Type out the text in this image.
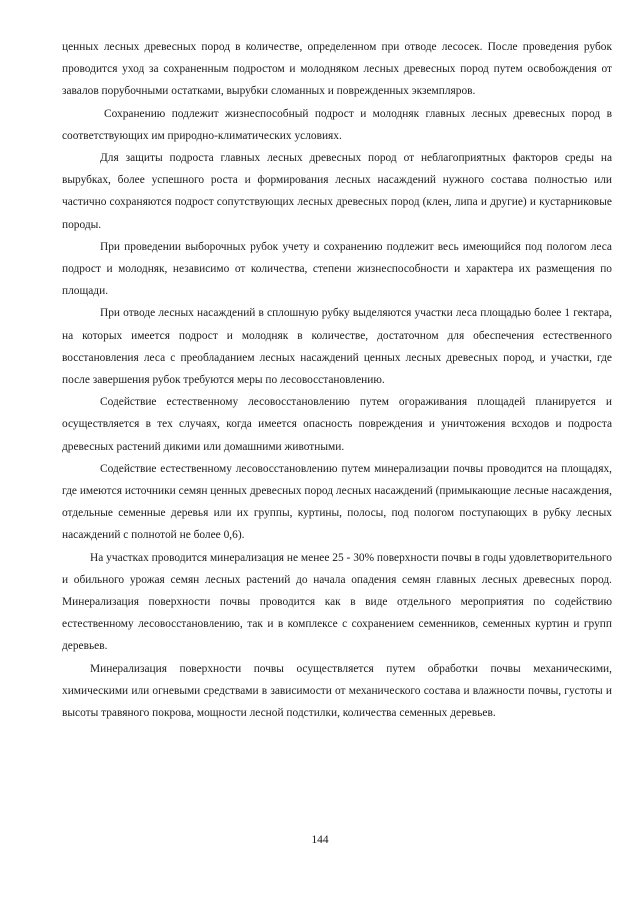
ценных лесных древесных пород в количестве, определенном при отводе лесосек. После проведения рубок проводится уход за сохраненным подростом и молодняком лесных древесных пород путем освобождения от завалов порубочными остатками, вырубки сломанных и поврежденных экземпляров.

Сохранению подлежит жизнеспособный подрост и молодняк главных лесных древесных пород в соответствующих им природно-климатических условиях.

Для защиты подроста главных лесных древесных пород от неблагоприятных факторов среды на вырубках, более успешного роста и формирования лесных насаждений нужного состава полностью или частично сохраняются подрост сопутствующих лесных древесных пород (клен, липа и другие) и кустарниковые породы.

При проведении выборочных рубок учету и сохранению подлежит весь имеющийся под пологом леса подрост и молодняк, независимо от количества, степени жизнеспособности и характера их размещения по площади.

При отводе лесных насаждений в сплошную рубку выделяются участки леса площадью более 1 гектара, на которых имеется подрост и молодняк в количестве, достаточном для обеспечения естественного восстановления леса с преобладанием лесных насаждений ценных лесных древесных пород, и участки, где после завершения рубок требуются меры по лесовосстановлению.

Содействие естественному лесовосстановлению путем огораживания площадей планируется и осуществляется в тех случаях, когда имеется опасность повреждения и уничтожения всходов и подроста древесных растений дикими или домашними животными.

Содействие естественному лесовосстановлению путем минерализации почвы проводится на площадях, где имеются источники семян ценных древесных пород лесных насаждений (примыкающие лесные насаждения, отдельные семенные деревья или их группы, куртины, полосы, под пологом поступающих в рубку лесных насаждений с полнотой не более 0,6).

На участках проводится минерализация не менее 25 - 30% поверхности почвы в годы удовлетворительного и обильного урожая семян лесных растений до начала опадения семян главных лесных древесных пород. Минерализация поверхности почвы проводится как в виде отдельного мероприятия по содействию естественному лесовосстановлению, так и в комплексе с сохранением семенников, семенных куртин и групп деревьев.

Минерализация поверхности почвы осуществляется путем обработки почвы механическими, химическими или огневыми средствами в зависимости от механического состава и влажности почвы, густоты и высоты травяного покрова, мощности лесной подстилки, количества семенных деревьев.

144
